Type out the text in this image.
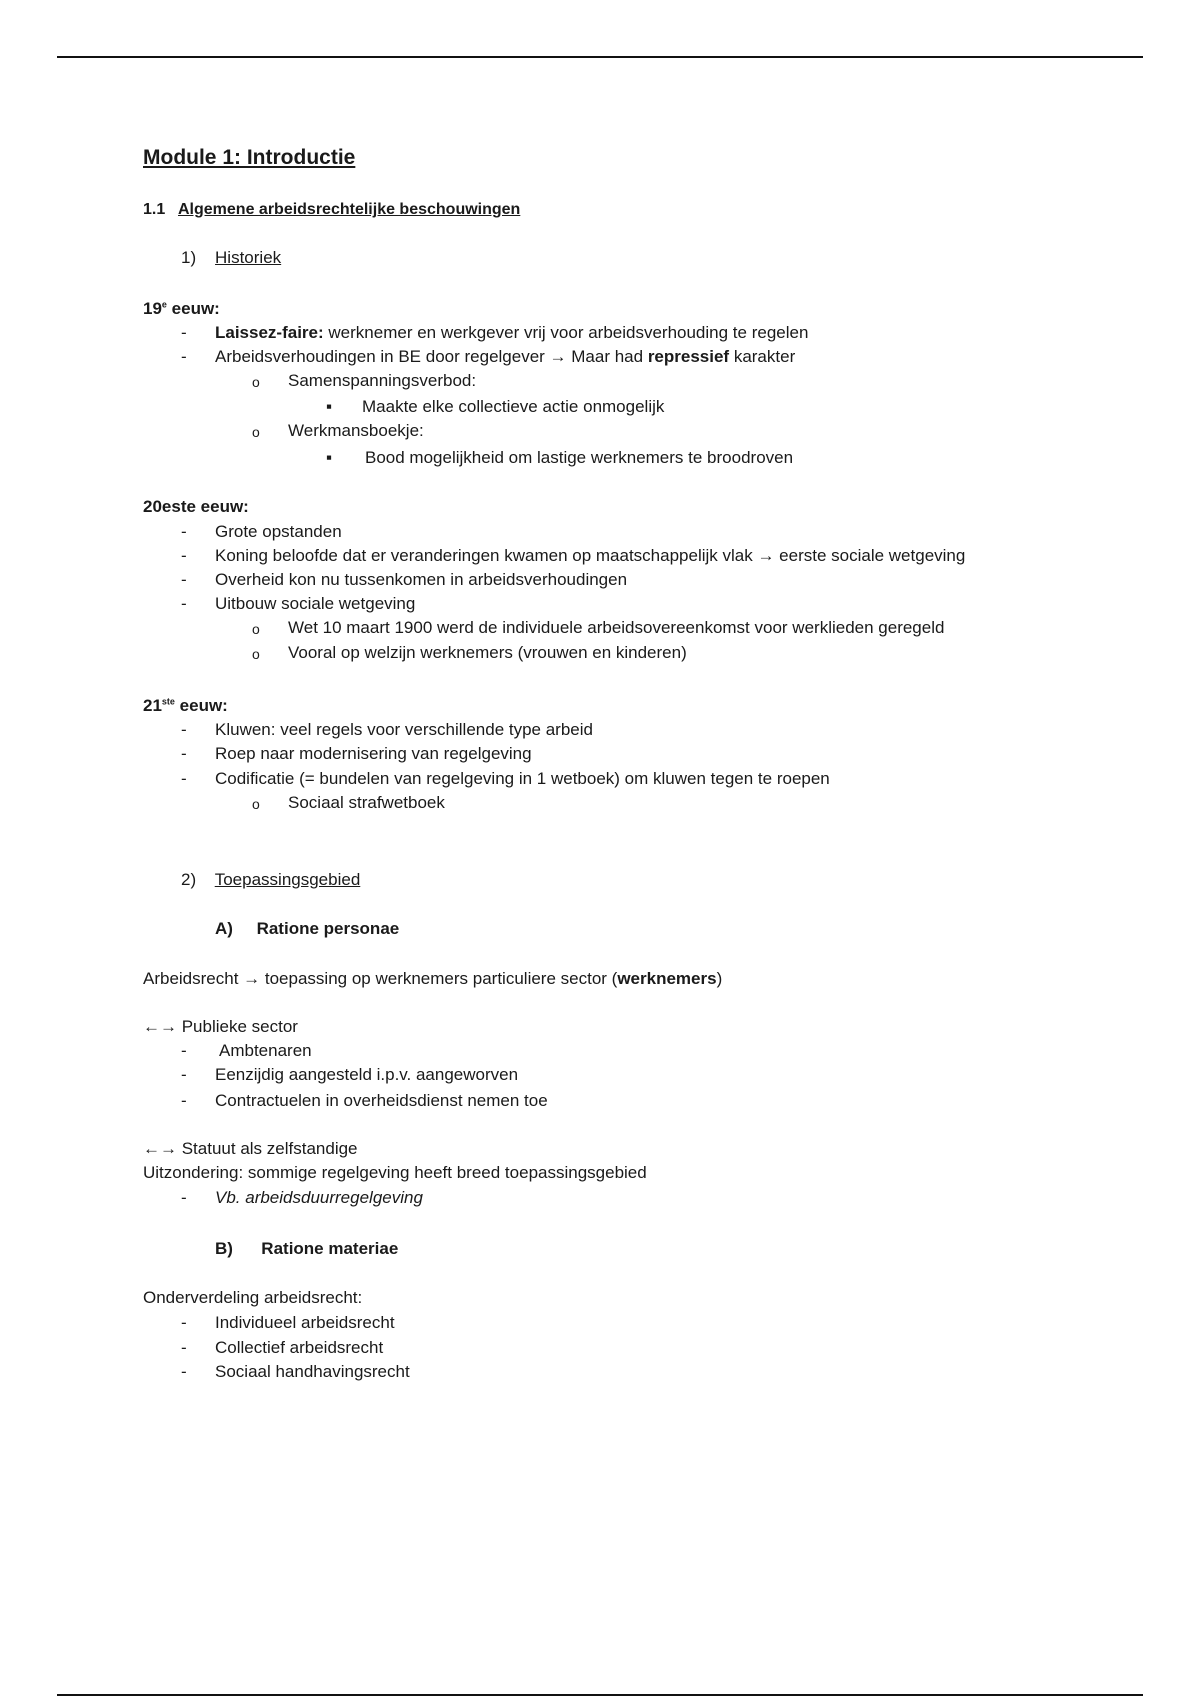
Module 1: Introductie
1.1 Algemene arbeidsrechtelijke beschouwingen
1) Historiek
19e eeuw:
- Laissez-faire: werknemer en werkgever vrij voor arbeidsverhouding te regelen
- Arbeidsverhoudingen in BE door regelgever → Maar had repressief karakter
o Samenspanningsverbod:
▪ Maakte elke collectieve actie onmogelijk
o Werkmansboekje:
▪ Bood mogelijkheid om lastige werknemers te broodroven
20este eeuw:
- Grote opstanden
- Koning beloofde dat er veranderingen kwamen op maatschappelijk vlak → eerste sociale wetgeving
- Overheid kon nu tussenkomen in arbeidsverhoudingen
- Uitbouw sociale wetgeving
o Wet 10 maart 1900 werd de individuele arbeidsovereenkomst voor werklieden geregeld
o Vooral op welzijn werknemers (vrouwen en kinderen)
21ste eeuw:
- Kluwen: veel regels voor verschillende type arbeid
- Roep naar modernisering van regelgeving
- Codificatie (= bundelen van regelgeving in 1 wetboek) om kluwen tegen te roepen
o Sociaal strafwetboek
2) Toepassingsgebied
A) Ratione personae
Arbeidsrecht → toepassing op werknemers particuliere sector (werknemers)
←→ Publieke sector
- Ambtenaren
- Eenzijdig aangesteld i.p.v. aangeworven
- Contractuelen in overheidsdienst nemen toe
←→ Statuut als zelfstandige
Uitzondering: sommige regelgeving heeft breed toepassingsgebied
- Vb. arbeidsduurregelgeving
B) Ratione materiae
Onderverdeling arbeidsrecht:
- Individueel arbeidsrecht
- Collectief arbeidsrecht
- Sociaal handhavingsrecht
